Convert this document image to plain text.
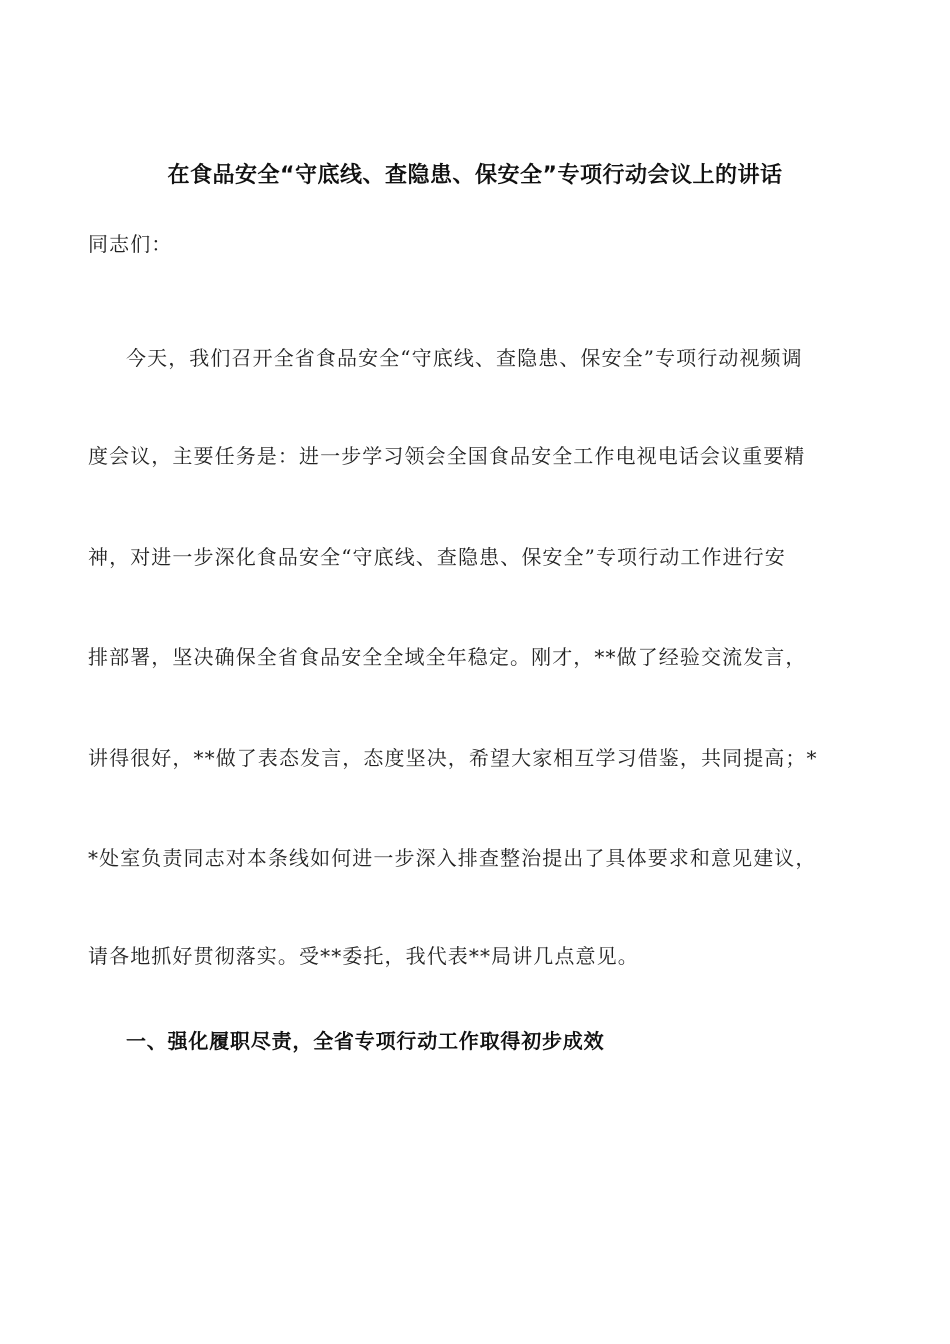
在食品安全“守底线、查隐患、保安全”专项行动会议上的讲话
同志们：
今天，我们召开全省食品安全“守底线、查隐患、保安全”专项行动视频调
度会议，主要任务是：进一步学习领会全国食品安全工作电视电话会议重要精
神，对进一步深化食品安全“守底线、查隐患、保安全”专项行动工作进行安
排部署，坚决确保全省食品安全全域全年稳定。刚才，**做了经验交流发言，
讲得很好，**做了表态发言，态度坚决，希望大家相互学习借鉴，共同提高；*
*处室负责同志对本条线如何进一步深入排查整治提出了具体要求和意见建议，
请各地抓好贯彻落实。受**委托，我代表**局讲几点意见。
一、强化履职尽责，全省专项行动工作取得初步成效
